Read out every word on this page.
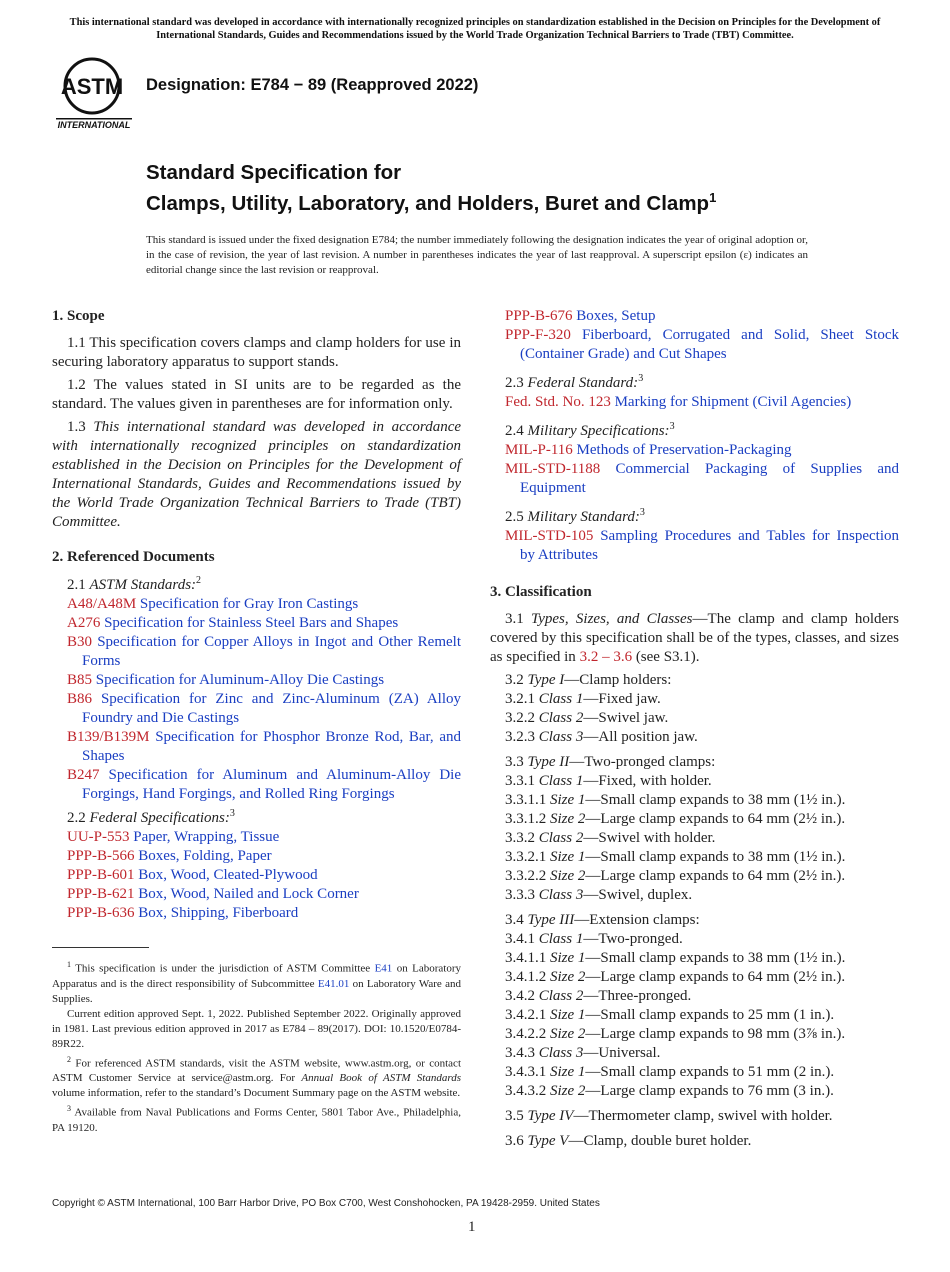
This international standard was developed in accordance with internationally recognized principles on standardization established in the Decision on Principles for the Development of International Standards, Guides and Recommendations issued by the World Trade Organization Technical Barriers to Trade (TBT) Committee.
ASTM
INTERNATIONAL
Designation: E784 − 89 (Reapproved 2022)
Standard Specification for
Clamps, Utility, Laboratory, and Holders, Buret and Clamp$^1$
This standard is issued under the fixed designation E784; the number immediately following the designation indicates the year of original adoption or, in the case of revision, the year of last revision. A number in parentheses indicates the year of last reapproval. A superscript epsilon (ε) indicates an editorial change since the last revision or reapproval.

1. Scope

1.1 This specification covers clamps and clamp holders for use in securing laboratory apparatus to support stands.

1.2 The values stated in SI units are to be regarded as the standard. The values given in parentheses are for information only.

1.3 This international standard was developed in accordance with internationally recognized principles on standardization established in the Decision on Principles for the Development of International Standards, Guides and Recommendations issued by the World Trade Organization Technical Barriers to Trade (TBT) Committee.

2. Referenced Documents

2.1 ASTM Standards:$^2$

A48/A48M Specification for Gray Iron Castings

A276 Specification for Stainless Steel Bars and Shapes

B30 Specification for Copper Alloys in Ingot and Other Remelt Forms

B85 Specification for Aluminum-Alloy Die Castings

B86 Specification for Zinc and Zinc-Aluminum (ZA) Alloy Foundry and Die Castings

B139/B139M Specification for Phosphor Bronze Rod, Bar, and Shapes

B247 Specification for Aluminum and Aluminum-Alloy Die Forgings, Hand Forgings, and Rolled Ring Forgings

2.2 Federal Specifications:$^3$

UU-P-553 Paper, Wrapping, Tissue

PPP-B-566 Boxes, Folding, Paper

PPP-B-601 Box, Wood, Cleated-Plywood

PPP-B-621 Box, Wood, Nailed and Lock Corner

PPP-B-636 Box, Shipping, Fiberboard

PPP-B-676 Boxes, Setup

PPP-F-320 Fiberboard, Corrugated and Solid, Sheet Stock (Container Grade) and Cut Shapes

2.3 Federal Standard:$^3$

Fed. Std. No. 123 Marking for Shipment (Civil Agencies)

2.4 Military Specifications:$^3$

MIL-P-116 Methods of Preservation-Packaging

MIL-STD-1188 Commercial Packaging of Supplies and Equipment

2.5 Military Standard:$^3$

MIL-STD-105 Sampling Procedures and Tables for Inspection by Attributes

3. Classification

3.1 Types, Sizes, and Classes—The clamp and clamp holders covered by this specification shall be of the types, classes, and sizes as specified in 3.2 – 3.6 (see S3.1).

3.2 Type I—Clamp holders:

3.2.1 Class 1—Fixed jaw.

3.2.2 Class 2—Swivel jaw.

3.2.3 Class 3—All position jaw.

3.3 Type II—Two-pronged clamps:

3.3.1 Class 1—Fixed, with holder.

3.3.1.1 Size 1—Small clamp expands to 38 mm (1½ in.).

3.3.1.2 Size 2—Large clamp expands to 64 mm (2½ in.).

3.3.2 Class 2—Swivel with holder.

3.3.2.1 Size 1—Small clamp expands to 38 mm (1½ in.).

3.3.2.2 Size 2—Large clamp expands to 64 mm (2½ in.).

3.3.3 Class 3—Swivel, duplex.

3.4 Type III—Extension clamps:

3.4.1 Class 1—Two-pronged.

3.4.1.1 Size 1—Small clamp expands to 38 mm (1½ in.).

3.4.1.2 Size 2—Large clamp expands to 64 mm (2½ in.).

3.4.2 Class 2—Three-pronged.

3.4.2.1 Size 1—Small clamp expands to 25 mm (1 in.).

3.4.2.2 Size 2—Large clamp expands to 98 mm (3⅞ in.).

3.4.3 Class 3—Universal.

3.4.3.1 Size 1—Small clamp expands to 51 mm (2 in.).

3.4.3.2 Size 2—Large clamp expands to 76 mm (3 in.).

3.5 Type IV—Thermometer clamp, swivel with holder.

3.6 Type V—Clamp, double buret holder.

$^1$ This specification is under the jurisdiction of ASTM Committee E41 on Laboratory Apparatus and is the direct responsibility of Subcommittee E41.01 on Laboratory Ware and Supplies.

Current edition approved Sept. 1, 2022. Published September 2022. Originally approved in 1981. Last previous edition approved in 2017 as E784 – 89(2017). DOI: 10.1520/E0784-89R22.

$^2$ For referenced ASTM standards, visit the ASTM website, www.astm.org, or contact ASTM Customer Service at service@astm.org. For Annual Book of ASTM Standards volume information, refer to the standard’s Document Summary page on the ASTM website.

$^3$ Available from Naval Publications and Forms Center, 5801 Tabor Ave., Philadelphia, PA 19120.

Copyright © ASTM International, 100 Barr Harbor Drive, PO Box C700, West Conshohocken, PA 19428-2959. United States
1
